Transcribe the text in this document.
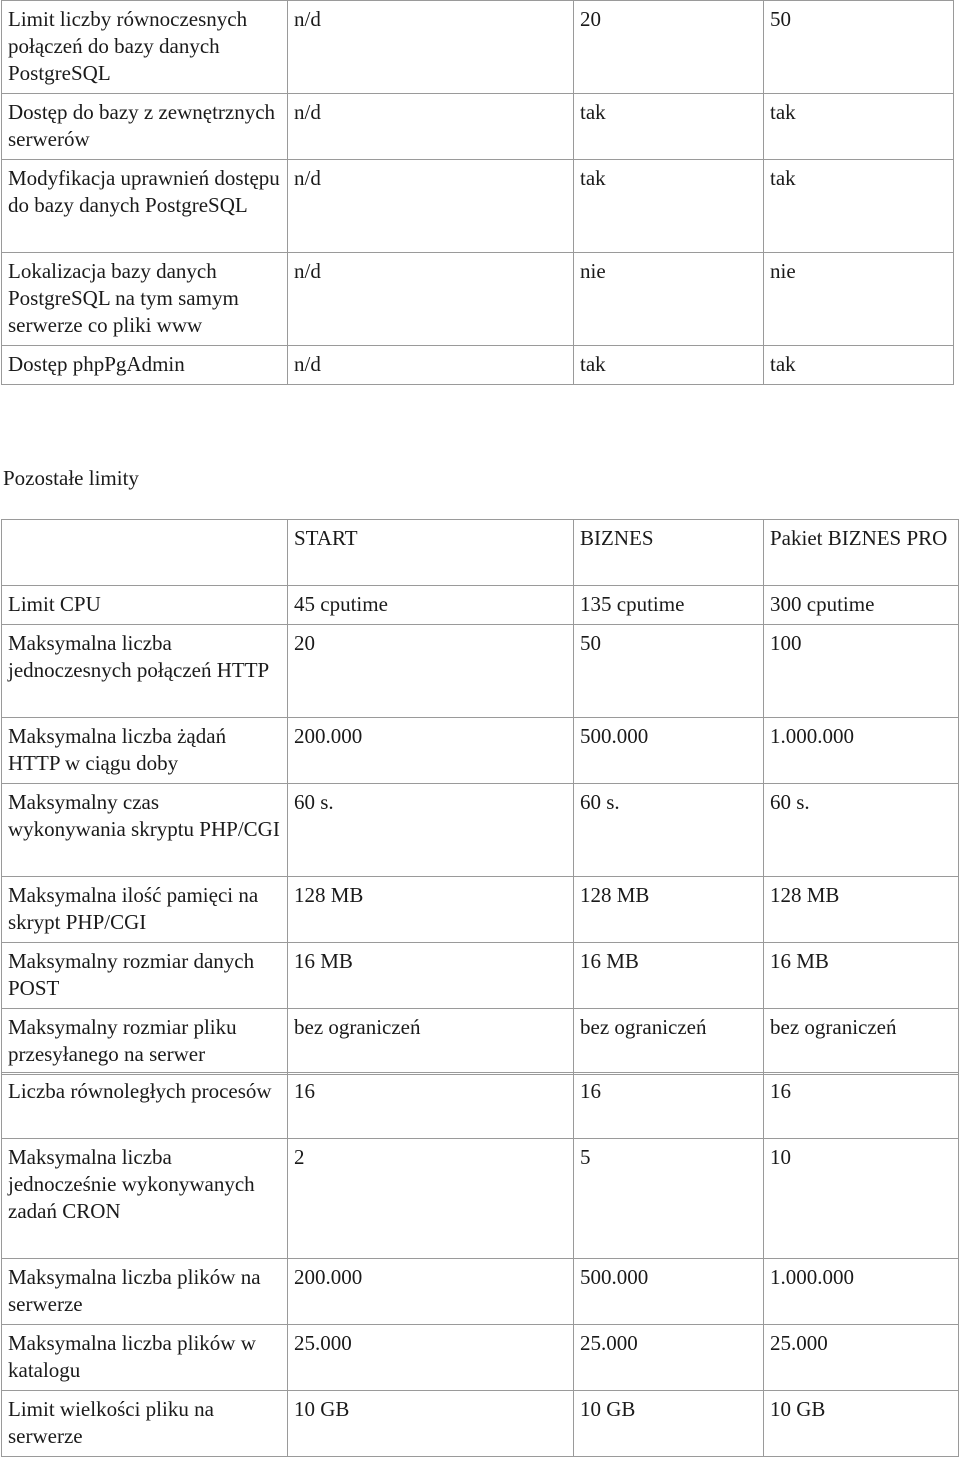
Limit liczby równoczesnych połączeń do bazy danych PostgreSQL	n/d	20	50
Dostęp do bazy z zewnętrznych serwerów	n/d	tak	tak
Modyfikacja uprawnień dostępu do bazy danych PostgreSQL	n/d	tak	tak
Lokalizacja bazy danych PostgreSQL na tym samym serwerze co pliki www	n/d	nie	nie
Dostęp phpPgAdmin	n/d	tak	tak
Pozostałe limity
	START	BIZNES	Pakiet BIZNES PRO
Limit CPU	45 cputime	135 cputime	300 cputime
Maksymalna liczba jednoczesnych połączeń HTTP	20	50	100
Maksymalna liczba żądań HTTP w ciągu doby	200.000	500.000	1.000.000
Maksymalny czas wykonywania skryptu PHP/CGI	60 s.	60 s.	60 s.
Maksymalna ilość pamięci na skrypt PHP/CGI	128 MB	128 MB	128 MB
Maksymalny rozmiar danych POST	16 MB	16 MB	16 MB
Maksymalny rozmiar pliku przesyłanego na serwer	bez ograniczeń	bez ograniczeń	bez ograniczeń
Liczba równoległych procesów	16	16	16
Maksymalna liczba jednocześnie wykonywanych zadań CRON	2	5	10
Maksymalna liczba plików na serwerze	200.000	500.000	1.000.000
Maksymalna liczba plików w katalogu	25.000	25.000	25.000
Limit wielkości pliku na serwerze	10 GB	10 GB	10 GB
